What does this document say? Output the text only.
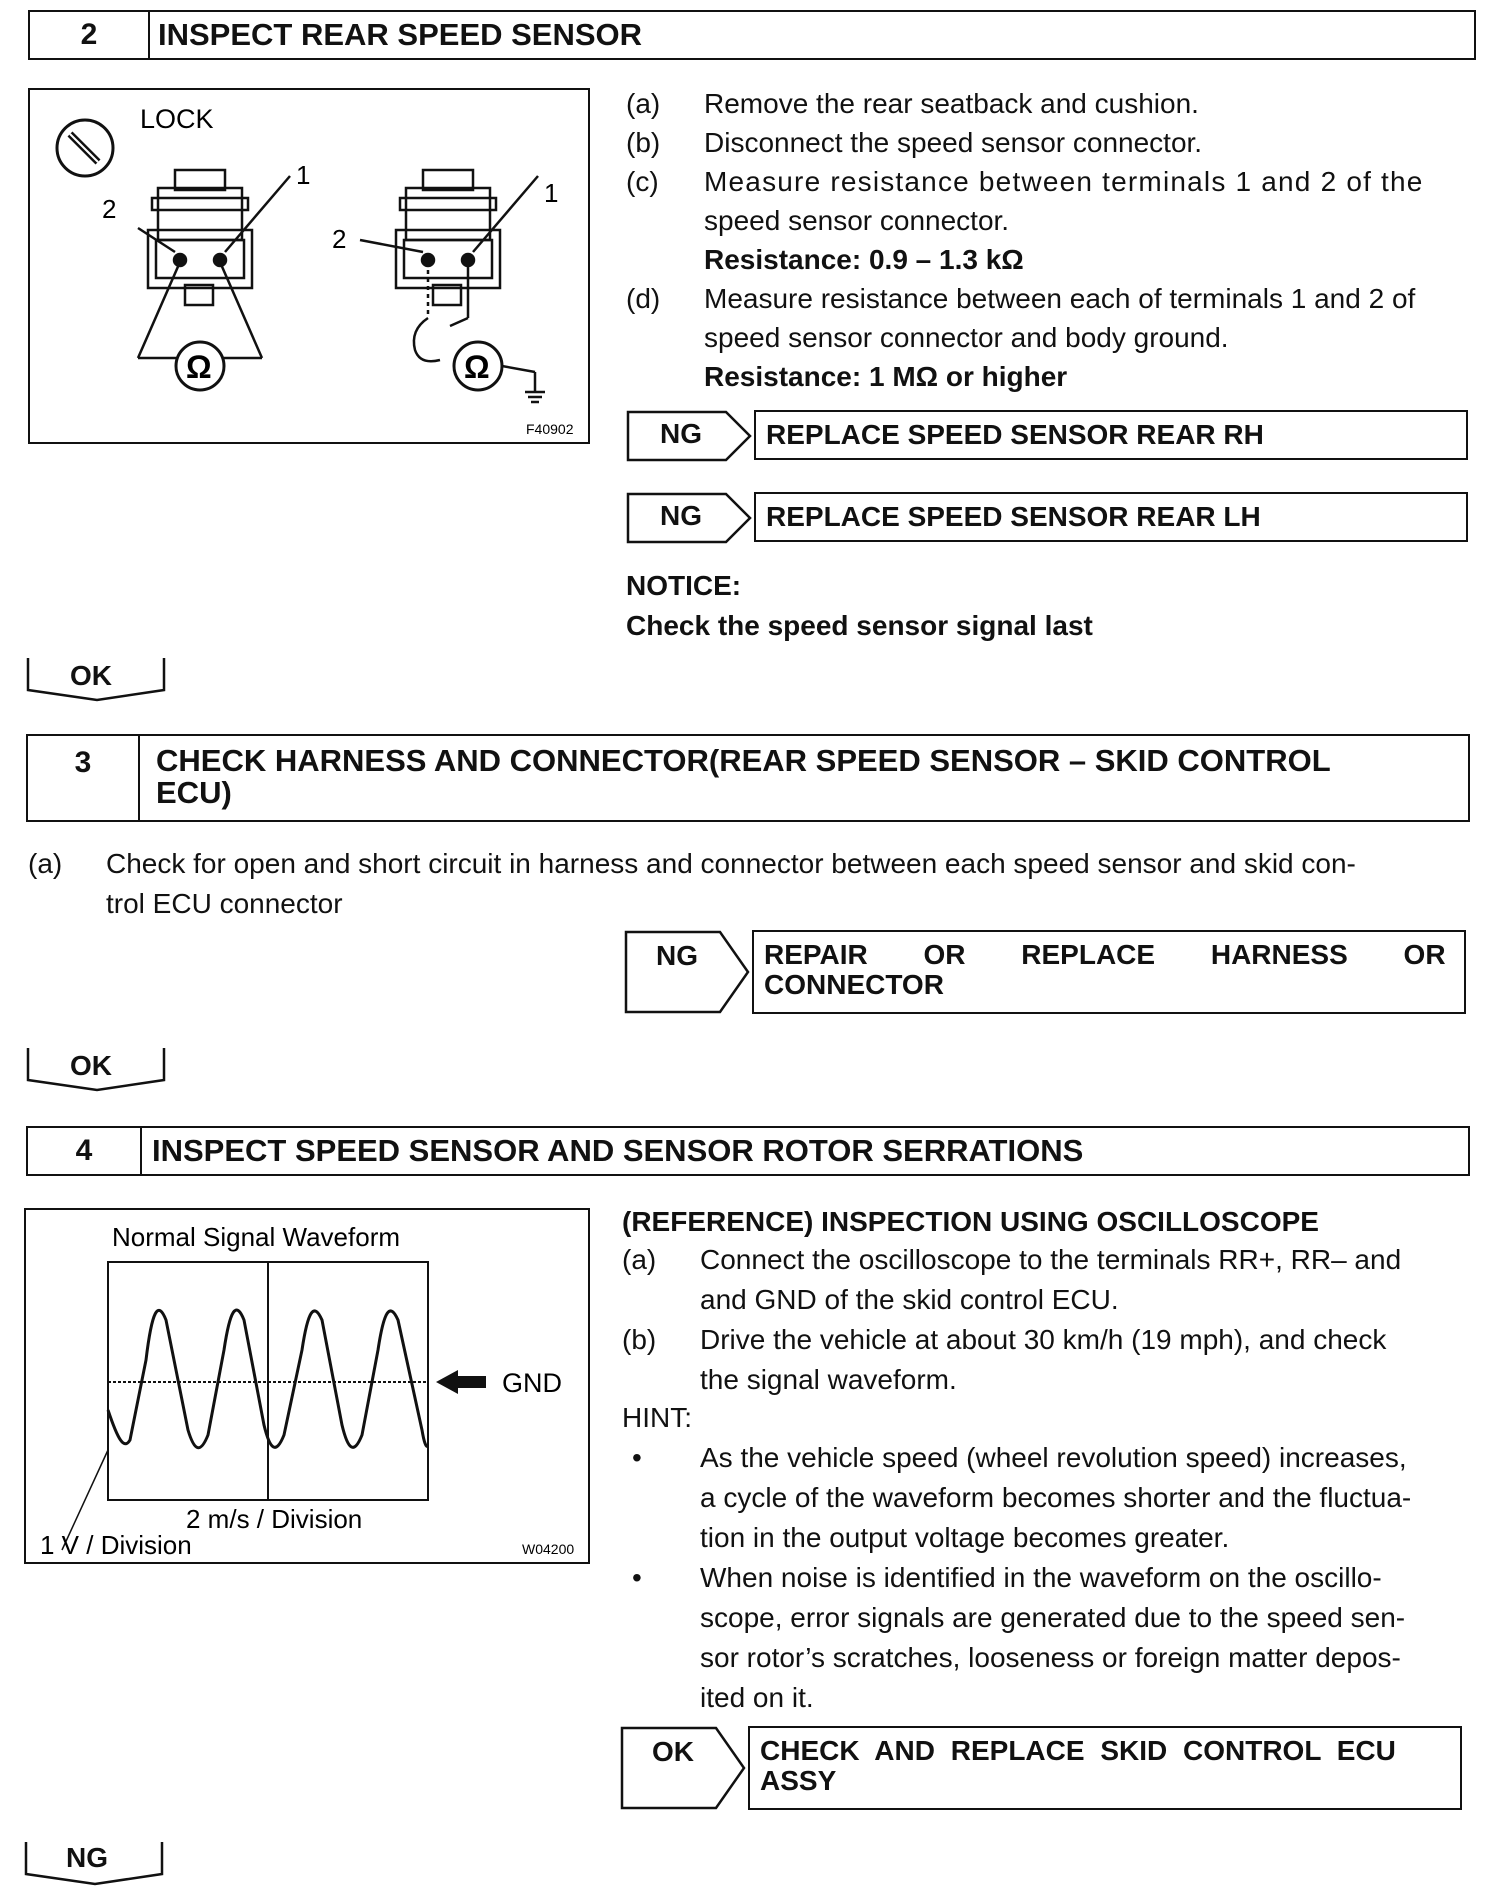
2	INSPECT REAR SPEED SENSOR
LOCK
1
2
1
2
Ω	Ω
F40902
(a) Remove the rear seatback and cushion.
(b) Disconnect the speed sensor connector.
(c) Measure resistance between terminals 1 and 2 of the
speed sensor connector.
Resistance: 0.9 – 1.3 kΩ
(d) Measure resistance between each of terminals 1 and 2 of
speed sensor connector and body ground.
Resistance: 1 MΩ or higher
NG	REPLACE SPEED SENSOR REAR RH
NG	REPLACE SPEED SENSOR REAR LH
NOTICE:
Check the speed sensor signal last
OK
3	CHECK HARNESS AND CONNECTOR(REAR SPEED SENSOR – SKID CONTROL
ECU)
(a) Check for open and short circuit in harness and connector between each speed sensor and skid con-
trol ECU connector
NG REPAIR OR REPLACE HARNESS OR
CONNECTOR
OK
4	INSPECT SPEED SENSOR AND SENSOR ROTOR SERRATIONS
Normal Signal Waveform
GND
2 m/s / Division
1 V / Division	W04200
(REFERENCE) INSPECTION USING OSCILLOSCOPE
(a) Connect the oscilloscope to the terminals RR+, RR– and
and GND of the skid control ECU.
(b) Drive the vehicle at about 30 km/h (19 mph), and check
the signal waveform.
HINT:
• As the vehicle speed (wheel revolution speed) increases,
a cycle of the waveform becomes shorter and the fluctua-
tion in the output voltage becomes greater.
• When noise is identified in the waveform on the oscillo-
scope, error signals are generated due to the speed sen-
sor rotor’s scratches, looseness or foreign matter depos-
ited on it.
OK CHECK AND REPLACE SKID CONTROL ECU
ASSY
NG
